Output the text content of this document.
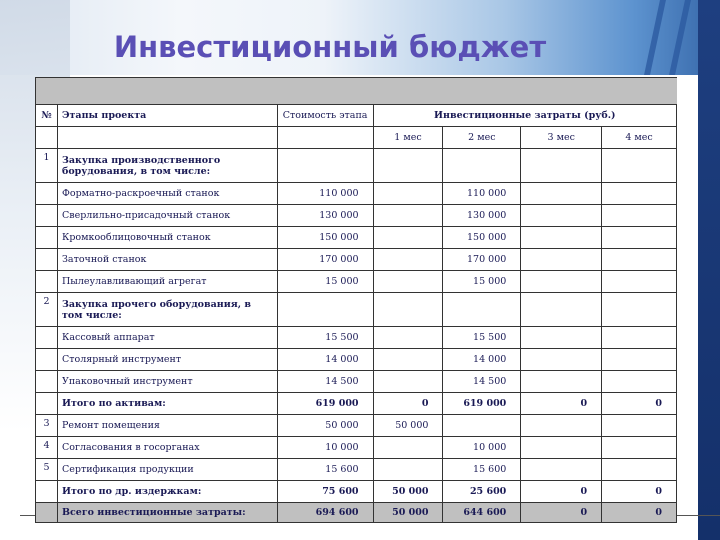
Инвестиционный бюджет

№	Этапы проекта	Стоимость этапа	Инвестиционные затраты (руб.)			
			1 мес	2 мес	3 мес	4 мес
1	Закупка производственного борудования, в том числе:					
	Форматно-раскроечный станок	110 000		110 000		
	Сверлильно-присадочный станок	130 000		130 000		
	Кромкооблицовочный станок	150 000		150 000		
	Заточной станок	170 000		170 000		
	Пылеулавливающий агрегат	15 000		15 000		
2	Закупка прочего оборудования, в том числе:					
	Кассовый аппарат	15 500		15 500		
	Столярный инструмент	14 000		14 000		
	Упаковочный инструмент	14 500		14 500		
	Итого по активам:	619 000	0	619 000	0	0
3	Ремонт помещения	50 000	50 000			
4	Согласования в госорганах	10 000		10 000		
5	Сертификация продукции	15 600		15 600		
	Итого по др. издержкам:	75 600	50 000	25 600	0	0
	Всего инвестиционные затраты:	694 600	50 000	644 600	0	0
